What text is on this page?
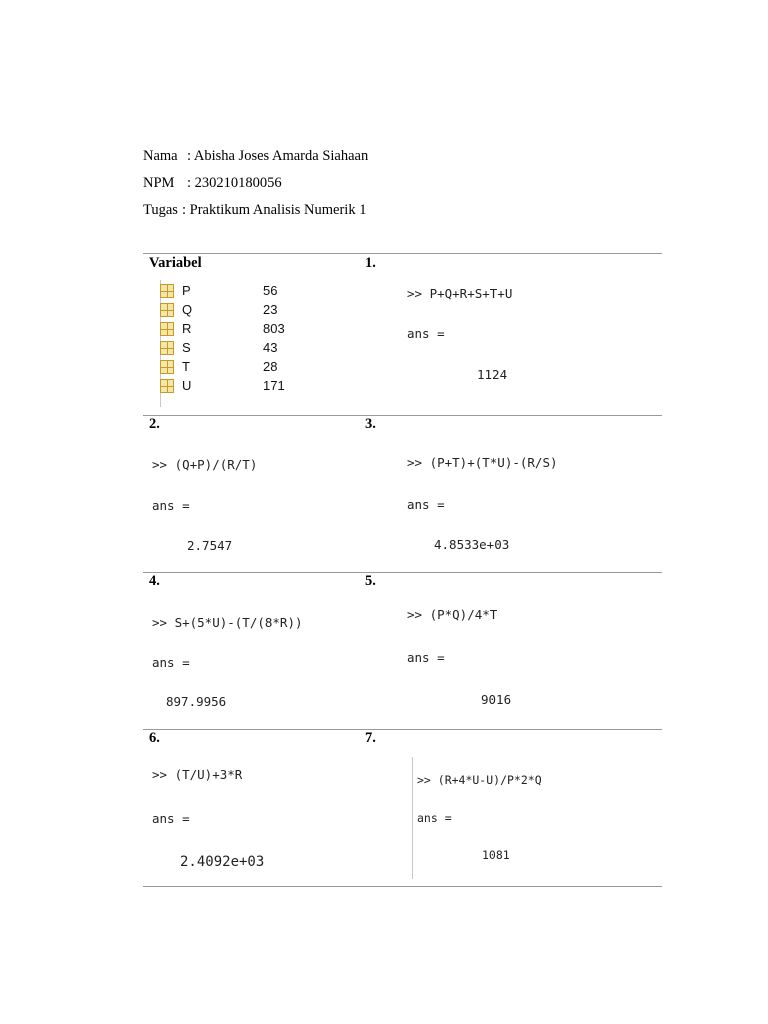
Nama : Abisha Joses Amarda Siahaan
NPM : 230210180056
Tugas : Praktikum Analisis Numerik 1
Variabel
P	56
Q	23
R	803
S	43
T	28
U	171
1.
>> P+Q+R+S+T+U
ans =
1124
2.
>> (Q+P)/(R/T)
ans =
2.7547
3.
>> (P+T)+(T*U)-(R/S)
ans =
4.8533e+03
4.
>> S+(5*U)-(T/(8*R))
ans =
897.9956
5.
>> (P*Q)/4*T
ans =
9016
6.
>> (T/U)+3*R
ans =
2.4092e+03
7.
>> (R+4*U-U)/P*2*Q
ans =
1081
